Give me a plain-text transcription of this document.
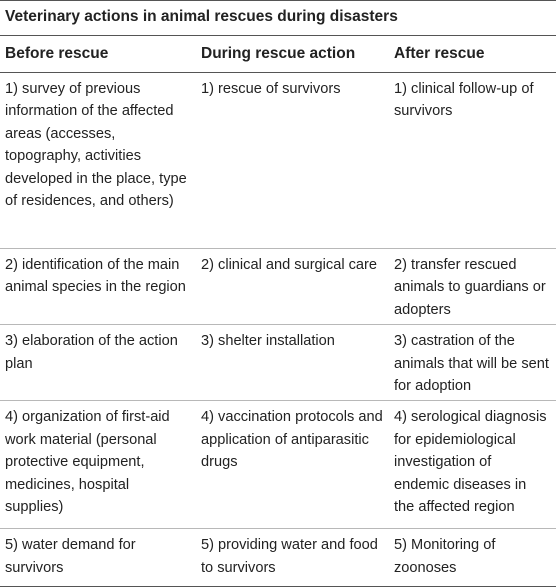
Veterinary actions in animal rescues during disasters
Before rescue	During rescue action	After rescue
1) survey of previous information of the affected areas (accesses, topography, activities developed in the place, type of residences, and others)	1) rescue of survivors	1) clinical follow-up of survivors
2) identification of the main animal species in the region	2) clinical and surgical care	2) transfer rescued animals to guardians or adopters
3) elaboration of the action plan	3) shelter installation	3) castration of the animals that will be sent for adoption
4) organization of first-aid work material (personal protective equipment, medicines, hospital supplies)	4) vaccination protocols and application of antiparasitic drugs	4) serological diagnosis for epidemiological investigation of endemic diseases in the affected region
5) water demand for survivors	5) providing water and food to survivors	5) Monitoring of zoonoses
